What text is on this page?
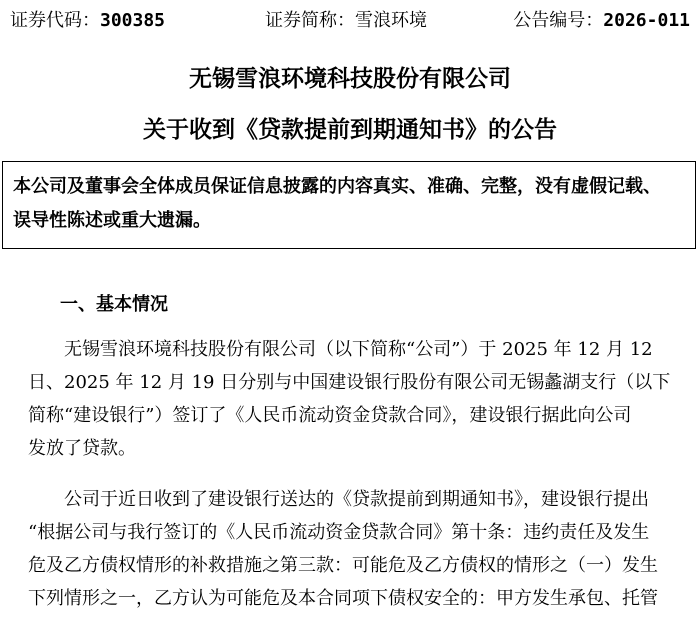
证券代码：300385	证券简称：雪浪环境	公告编号：2026-011
无锡雪浪环境科技股份有限公司
关于收到《贷款提前到期通知书》的公告
本公司及董事会全体成员保证信息披露的内容真实、准确、完整，没有虚假记载、
误导性陈述或重大遗漏。
一、基本情况
无锡雪浪环境科技股份有限公司（以下简称“公司”）于 2025 年 12 月 12
日、2025 年 12 月 19 日分别与中国建设银行股份有限公司无锡蠡湖支行（以下
简称“建设银行”）签订了《人民币流动资金贷款合同》，建设银行据此向公司
发放了贷款。
公司于近日收到了建设银行送达的《贷款提前到期通知书》，建设银行提出
“根据公司与我行签订的《人民币流动资金贷款合同》第十条：违约责任及发生
危及乙方债权情形的补救措施之第三款：可能危及乙方债权的情形之（一）发生
下列情形之一，乙方认为可能危及本合同项下债权安全的：甲方发生承包、托管
